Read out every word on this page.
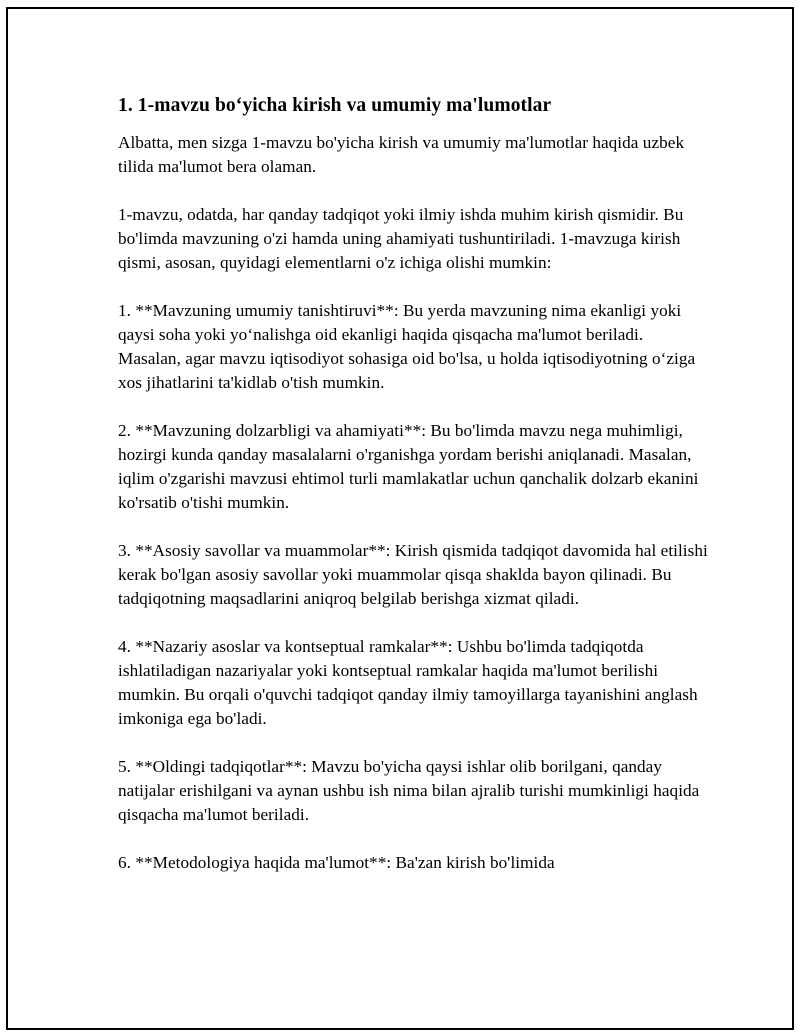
1. 1-mavzu bo‘yicha kirish va umumiy ma'lumotlar

Albatta, men sizga 1-mavzu bo'yicha kirish va umumiy ma'lumotlar haqida uzbek tilida ma'lumot bera olaman.

1-mavzu, odatda, har qanday tadqiqot yoki ilmiy ishda muhim kirish qismidir. Bu bo'limda mavzuning o'zi hamda uning ahamiyati tushuntiriladi. 1-mavzuga kirish qismi, asosan, quyidagi elementlarni o'z ichiga olishi mumkin:

1. **Mavzuning umumiy tanishtiruvi**: Bu yerda mavzuning nima ekanligi yoki qaysi soha yoki yo‘nalishga oid ekanligi haqida qisqacha ma'lumot beriladi. Masalan, agar mavzu iqtisodiyot sohasiga oid bo'lsa, u holda iqtisodiyotning o‘ziga xos jihatlarini ta'kidlab o'tish mumkin.

2. **Mavzuning dolzarbligi va ahamiyati**: Bu bo'limda mavzu nega muhimligi, hozirgi kunda qanday masalalarni o'rganishga yordam berishi aniqlanadi. Masalan, iqlim o'zgarishi mavzusi ehtimol turli mamlakatlar uchun qanchalik dolzarb ekanini ko'rsatib o'tishi mumkin.

3. **Asosiy savollar va muammolar**: Kirish qismida tadqiqot davomida hal etilishi kerak bo'lgan asosiy savollar yoki muammolar qisqa shaklda bayon qilinadi. Bu tadqiqotning maqsadlarini aniqroq belgilab berishga xizmat qiladi.

4. **Nazariy asoslar va kontseptual ramkalar**: Ushbu bo'limda tadqiqotda ishlatiladigan nazariyalar yoki kontseptual ramkalar haqida ma'lumot berilishi mumkin. Bu orqali o'quvchi tadqiqot qanday ilmiy tamoyillarga tayanishini anglash imkoniga ega bo'ladi.

5. **Oldingi tadqiqotlar**: Mavzu bo'yicha qaysi ishlar olib borilgani, qanday natijalar erishilgani va aynan ushbu ish nima bilan ajralib turishi mumkinligi haqida qisqacha ma'lumot beriladi.

6. **Metodologiya haqida ma'lumot**: Ba'zan kirish bo'limida
